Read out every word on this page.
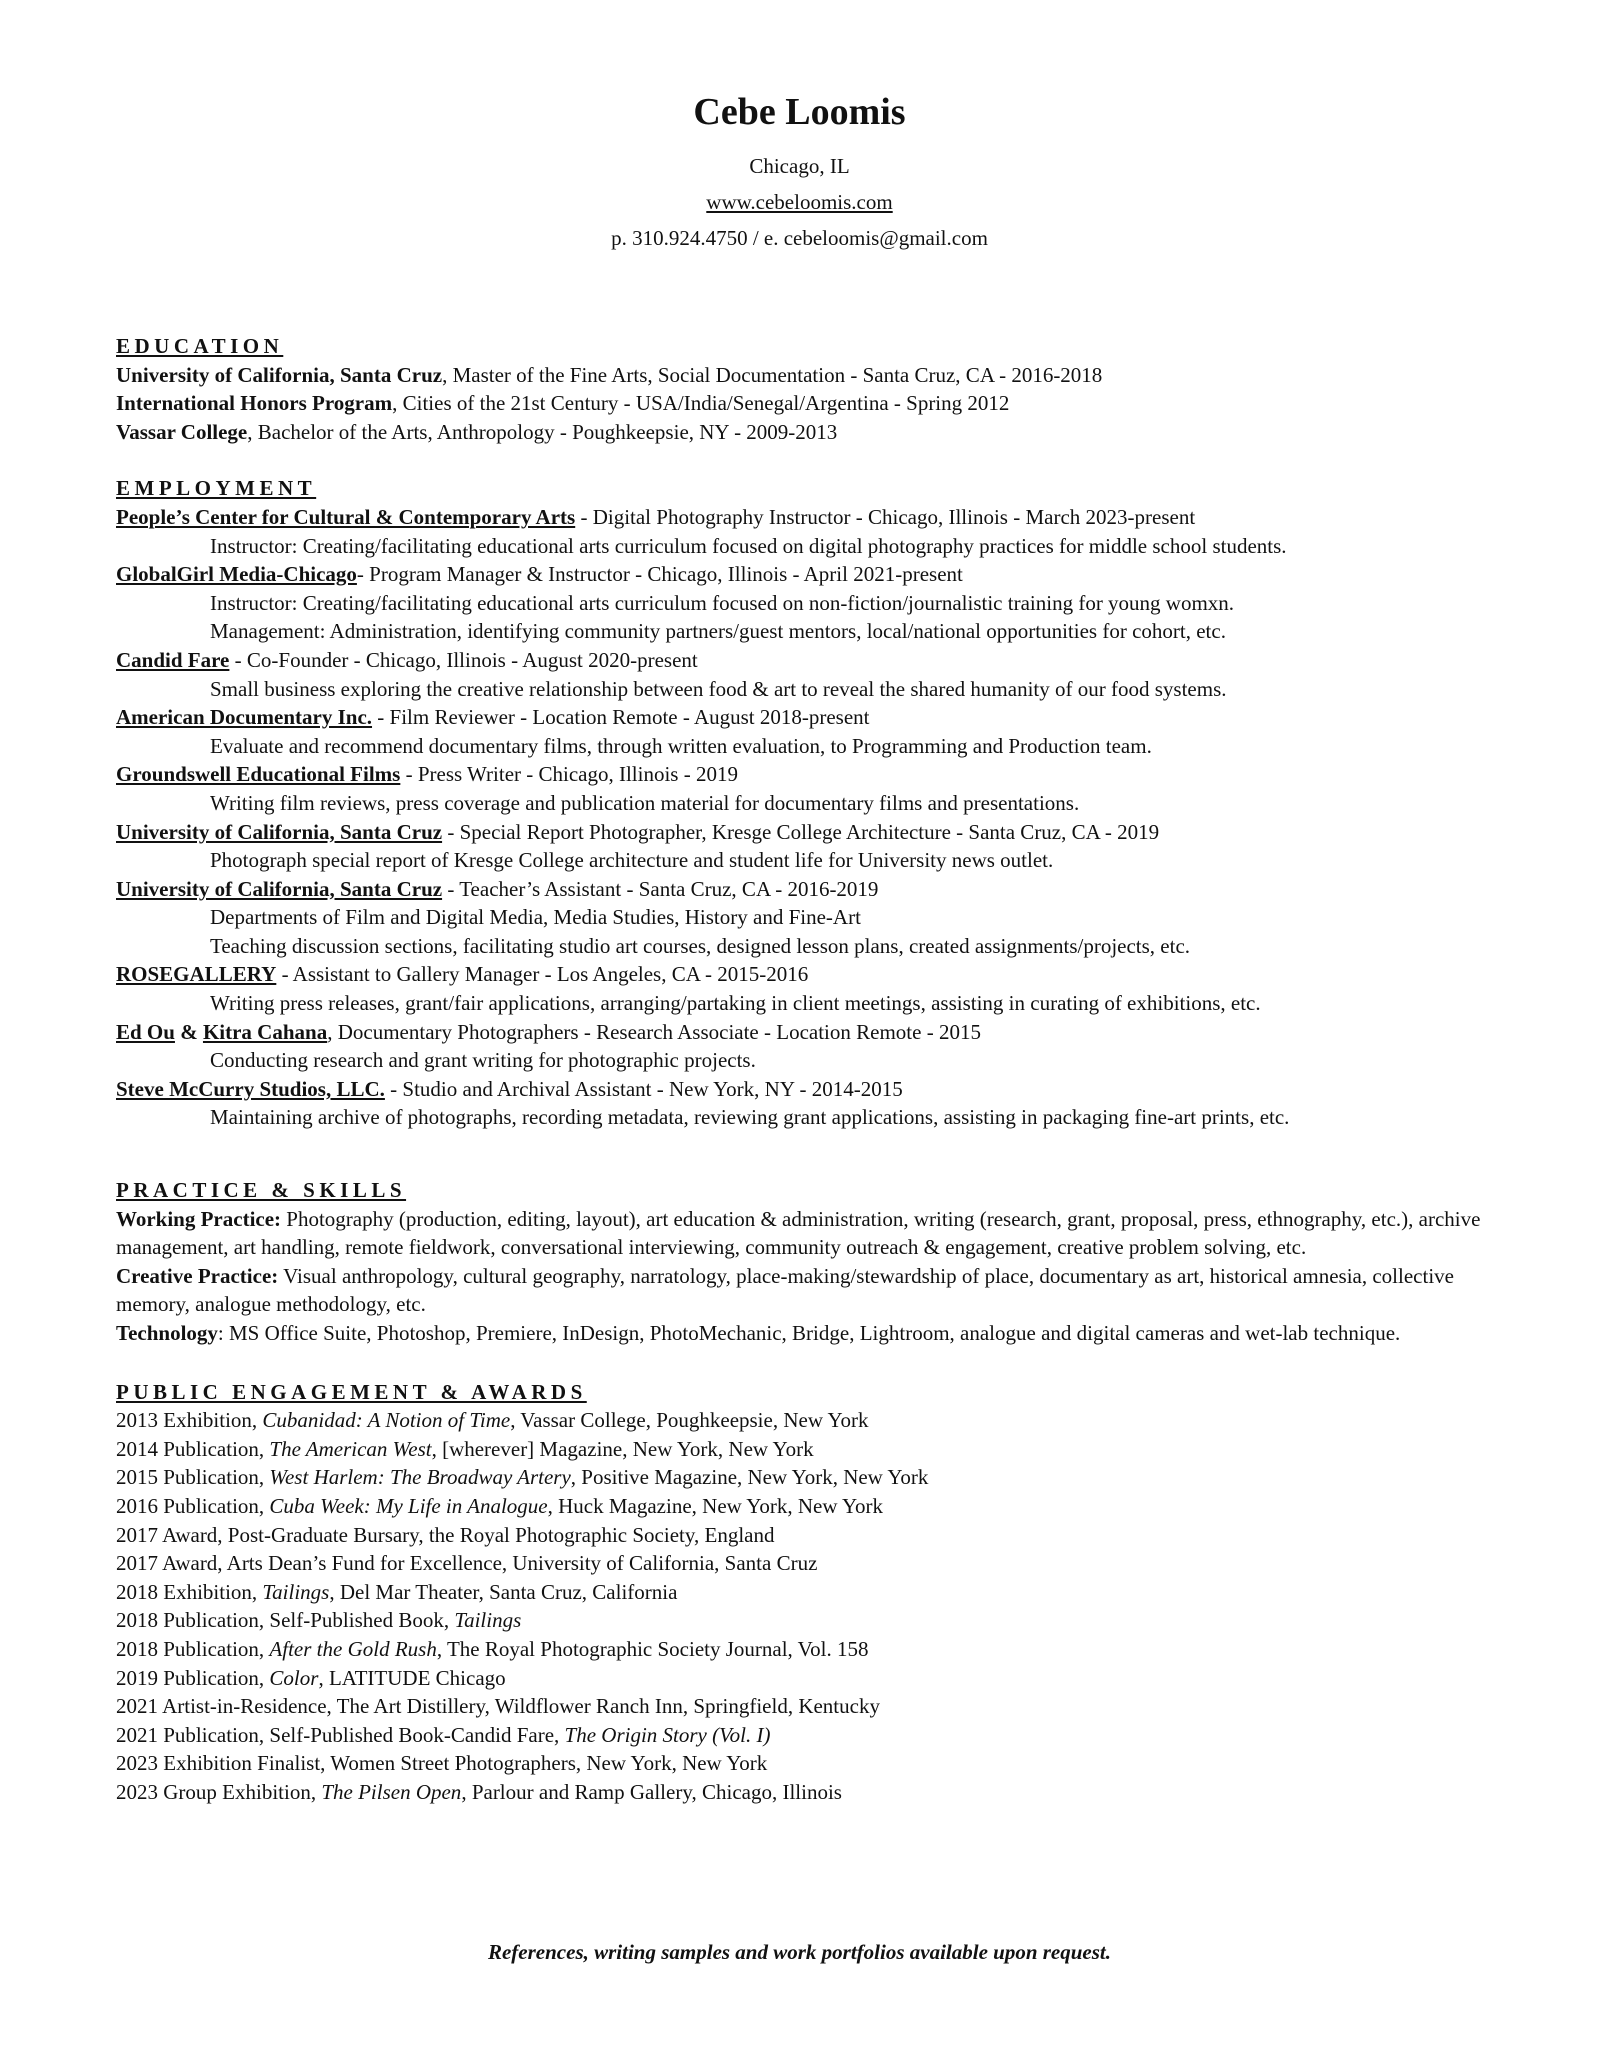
Cebe Loomis
Chicago, IL
www.cebeloomis.com
p. 310.924.4750 / e. cebeloomis@gmail.com
EDUCATION
University of California, Santa Cruz, Master of the Fine Arts, Social Documentation - Santa Cruz, CA - 2016-2018
International Honors Program, Cities of the 21st Century - USA/India/Senegal/Argentina - Spring 2012
Vassar College, Bachelor of the Arts, Anthropology - Poughkeepsie, NY - 2009-2013
EMPLOYMENT
People’s Center for Cultural & Contemporary Arts - Digital Photography Instructor - Chicago, Illinois - March 2023-present
Instructor: Creating/facilitating educational arts curriculum focused on digital photography practices for middle school students.
GlobalGirl Media-Chicago- Program Manager & Instructor - Chicago, Illinois - April 2021-present
Instructor: Creating/facilitating educational arts curriculum focused on non-fiction/journalistic training for young womxn.
Management: Administration, identifying community partners/guest mentors, local/national opportunities for cohort, etc.
Candid Fare - Co-Founder - Chicago, Illinois - August 2020-present
Small business exploring the creative relationship between food & art to reveal the shared humanity of our food systems.
American Documentary Inc. - Film Reviewer - Location Remote - August 2018-present
Evaluate and recommend documentary films, through written evaluation, to Programming and Production team.
Groundswell Educational Films - Press Writer - Chicago, Illinois - 2019
Writing film reviews, press coverage and publication material for documentary films and presentations.
University of California, Santa Cruz - Special Report Photographer, Kresge College Architecture - Santa Cruz, CA - 2019
Photograph special report of Kresge College architecture and student life for University news outlet.
University of California, Santa Cruz - Teacher’s Assistant - Santa Cruz, CA - 2016-2019
Departments of Film and Digital Media, Media Studies, History and Fine-Art
Teaching discussion sections, facilitating studio art courses, designed lesson plans, created assignments/projects, etc.
ROSEGALLERY - Assistant to Gallery Manager - Los Angeles, CA - 2015-2016
Writing press releases, grant/fair applications, arranging/partaking in client meetings, assisting in curating of exhibitions, etc.
Ed Ou & Kitra Cahana, Documentary Photographers - Research Associate - Location Remote - 2015
Conducting research and grant writing for photographic projects.
Steve McCurry Studios, LLC. - Studio and Archival Assistant - New York, NY - 2014-2015
Maintaining archive of photographs, recording metadata, reviewing grant applications, assisting in packaging fine-art prints, etc.
PRACTICE & SKILLS
Working Practice: Photography (production, editing, layout), art education & administration, writing (research, grant, proposal, press, ethnography, etc.), archive management, art handling, remote fieldwork, conversational interviewing, community outreach & engagement, creative problem solving, etc.
Creative Practice: Visual anthropology, cultural geography, narratology, place-making/stewardship of place, documentary as art, historical amnesia, collective memory, analogue methodology, etc.
Technology: MS Office Suite, Photoshop, Premiere, InDesign, PhotoMechanic, Bridge, Lightroom, analogue and digital cameras and wet-lab technique.
PUBLIC ENGAGEMENT & AWARDS
2013 Exhibition, Cubanidad: A Notion of Time, Vassar College, Poughkeepsie, New York
2014 Publication, The American West, [wherever] Magazine, New York, New York
2015 Publication, West Harlem: The Broadway Artery, Positive Magazine, New York, New York
2016 Publication, Cuba Week: My Life in Analogue, Huck Magazine, New York, New York
2017 Award, Post-Graduate Bursary, the Royal Photographic Society, England
2017 Award, Arts Dean’s Fund for Excellence, University of California, Santa Cruz
2018 Exhibition, Tailings, Del Mar Theater, Santa Cruz, California
2018 Publication, Self-Published Book, Tailings
2018 Publication, After the Gold Rush, The Royal Photographic Society Journal, Vol. 158
2019 Publication, Color, LATITUDE Chicago
2021 Artist-in-Residence, The Art Distillery, Wildflower Ranch Inn, Springfield, Kentucky
2021 Publication, Self-Published Book-Candid Fare, The Origin Story (Vol. I)
2023 Exhibition Finalist, Women Street Photographers, New York, New York
2023 Group Exhibition, The Pilsen Open, Parlour and Ramp Gallery, Chicago, Illinois
References, writing samples and work portfolios available upon request.
